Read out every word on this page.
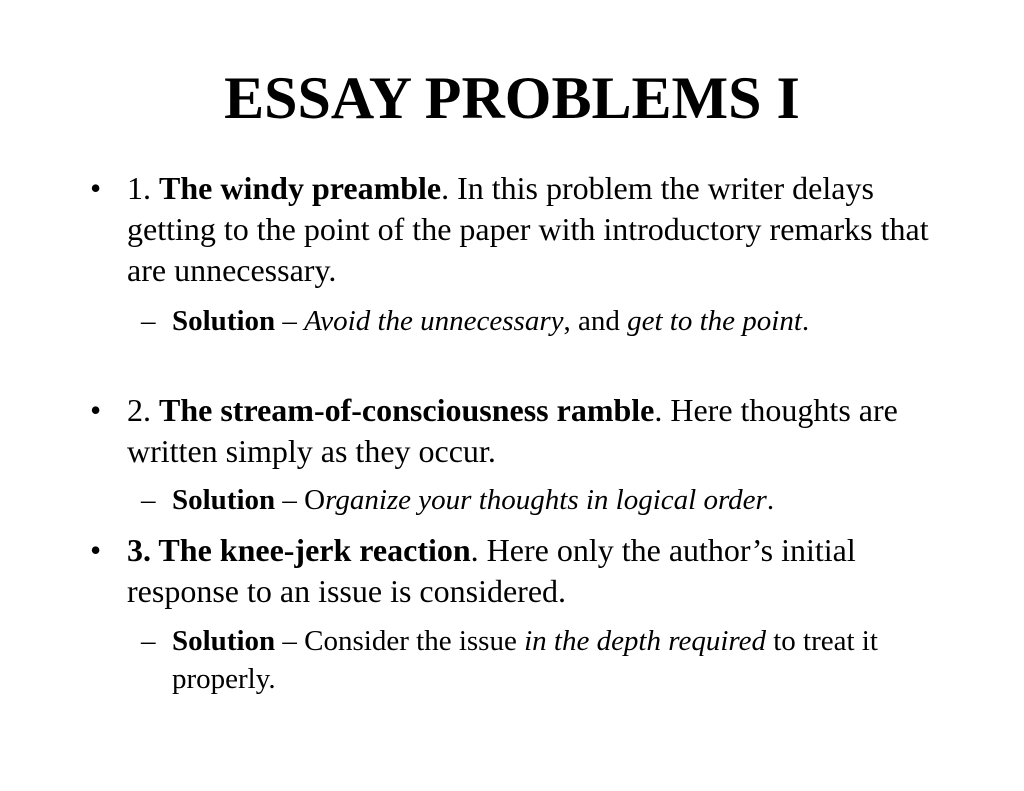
ESSAY PROBLEMS I

• 1. The windy preamble. In this problem the writer delays getting to the point of the paper with introductory remarks that are unnecessary.

– Solution – Avoid the unnecessary, and get to the point.

• 2. The stream-of-consciousness ramble. Here thoughts are written simply as they occur.

– Solution – Organize your thoughts in logical order.

• 3. The knee-jerk reaction. Here only the author’s initial response to an issue is considered.

– Solution – Consider the issue in the depth required to treat it properly.
